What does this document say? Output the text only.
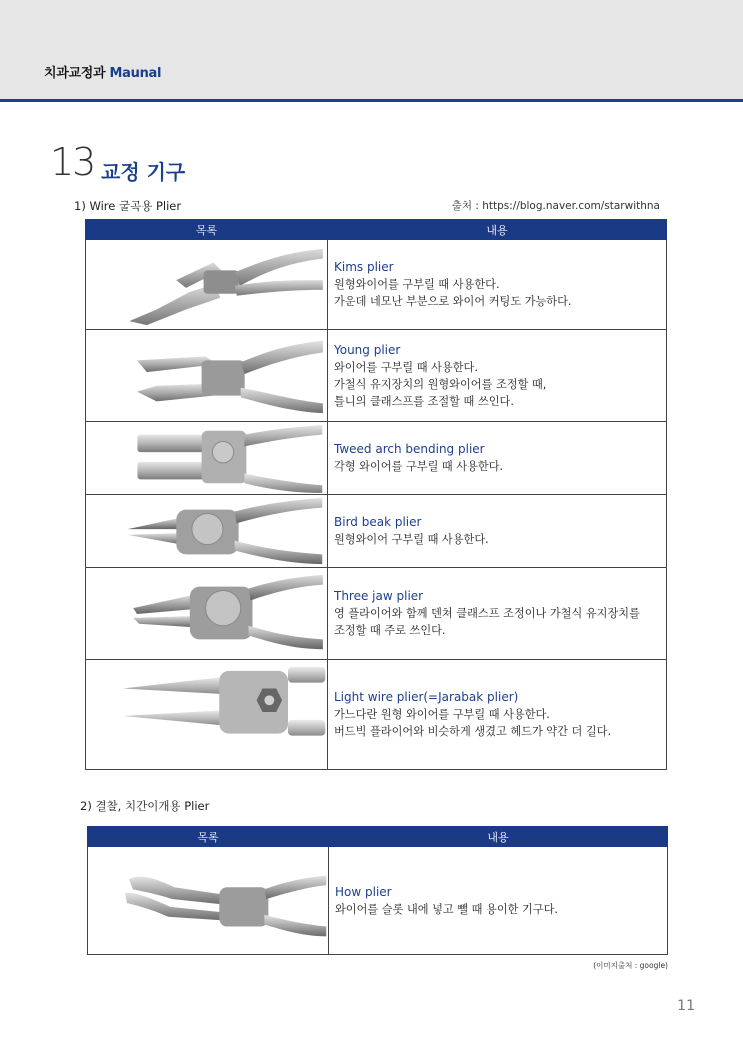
치과교정과 Maunal
13 교정 기구
1) Wire 굴곡용 Plier	출처 : https://blog.naver.com/starwithna
목록	내용

Kims plier
원형와이어를 구부릴 때 사용한다.
가운데 네모난 부분으로 와이어 커팅도 가능하다.

Young plier
와이어를 구부릴 때 사용한다.
가철식 유지장치의 원형와이어를 조정할 때,
틀니의 클래스프를 조절할 때 쓰인다.

Tweed arch bending plier
각형 와이어를 구부릴 때 사용한다.

Bird beak plier
원형와이어 구부릴 때 사용한다.

Three jaw plier
영 플라이어와 함께 덴쳐 클래스프 조정이나 가철식 유지장치를
조정할 때 주로 쓰인다.

Light wire plier(=Jarabak plier)
가느다란 원형 와이어를 구부릴 때 사용한다.
버드빅 플라이어와 비슷하게 생겼고 헤드가 약간 더 길다.
2) 결찰, 치간이개용 Plier
목록	내용

How plier
와이어를 슬롯 내에 넣고 뺄 때 용이한 기구다.
(이미지출처 : google)
11
